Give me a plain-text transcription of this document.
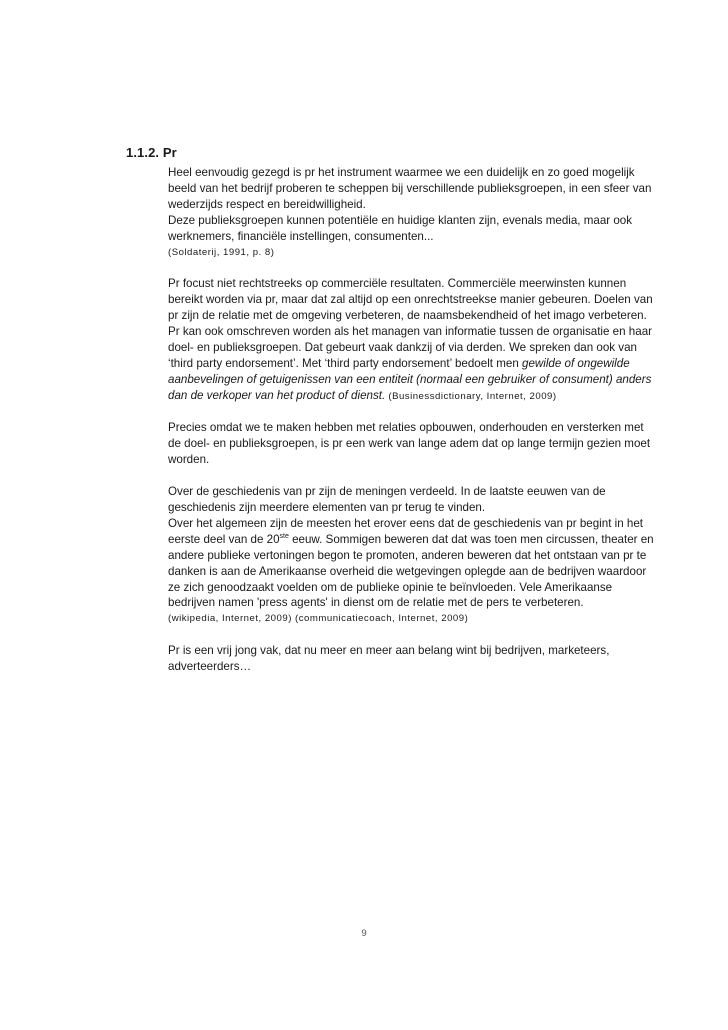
1.1.2. Pr

Heel eenvoudig gezegd is pr het instrument waarmee we een duidelijk en zo goed mogelijk beeld van het bedrijf proberen te scheppen bij verschillende publieksgroepen, in een sfeer van wederzijds respect en bereidwilligheid.

Deze publieksgroepen kunnen potentiële en huidige klanten zijn, evenals media, maar ook werknemers, financiële instellingen, consumenten...

(Soldaterij, 1991, p. 8)

Pr focust niet rechtstreeks op commerciële resultaten. Commerciële meerwinsten kunnen bereikt worden via pr, maar dat zal altijd op een onrechtstreekse manier gebeuren. Doelen van pr zijn de relatie met de omgeving verbeteren, de naamsbekendheid of het imago verbeteren.

Pr kan ook omschreven worden als het managen van informatie tussen de organisatie en haar doel- en publieksgroepen. Dat gebeurt vaak dankzij of via derden. We spreken dan ook van ‘third party endorsement’. Met ‘third party endorsement’ bedoelt men gewilde of ongewilde aanbevelingen of getuigenissen van een entiteit (normaal een gebruiker of consument) anders dan de verkoper van het product of dienst. (Businessdictionary, Internet, 2009)

Precies omdat we te maken hebben met relaties opbouwen, onderhouden en versterken met de doel- en publieksgroepen, is pr een werk van lange adem dat op lange termijn gezien moet worden.

Over de geschiedenis van pr zijn de meningen verdeeld. In de laatste eeuwen van de geschiedenis zijn meerdere elementen van pr terug te vinden.

Over het algemeen zijn de meesten het erover eens dat de geschiedenis van pr begint in het eerste deel van de 20ste eeuw. Sommigen beweren dat dat was toen men circussen, theater en andere publieke vertoningen begon te promoten, anderen beweren dat het ontstaan van pr te danken is aan de Amerikaanse overheid die wetgevingen oplegde aan de bedrijven waardoor ze zich genoodzaakt voelden om de publieke opinie te beïnvloeden. Vele Amerikaanse bedrijven namen 'press agents' in dienst om de relatie met de pers te verbeteren.

(wikipedia, Internet, 2009) (communicatiecoach, Internet, 2009)

Pr is een vrij jong vak, dat nu meer en meer aan belang wint bij bedrijven, marketeers, adverteerders…

9
